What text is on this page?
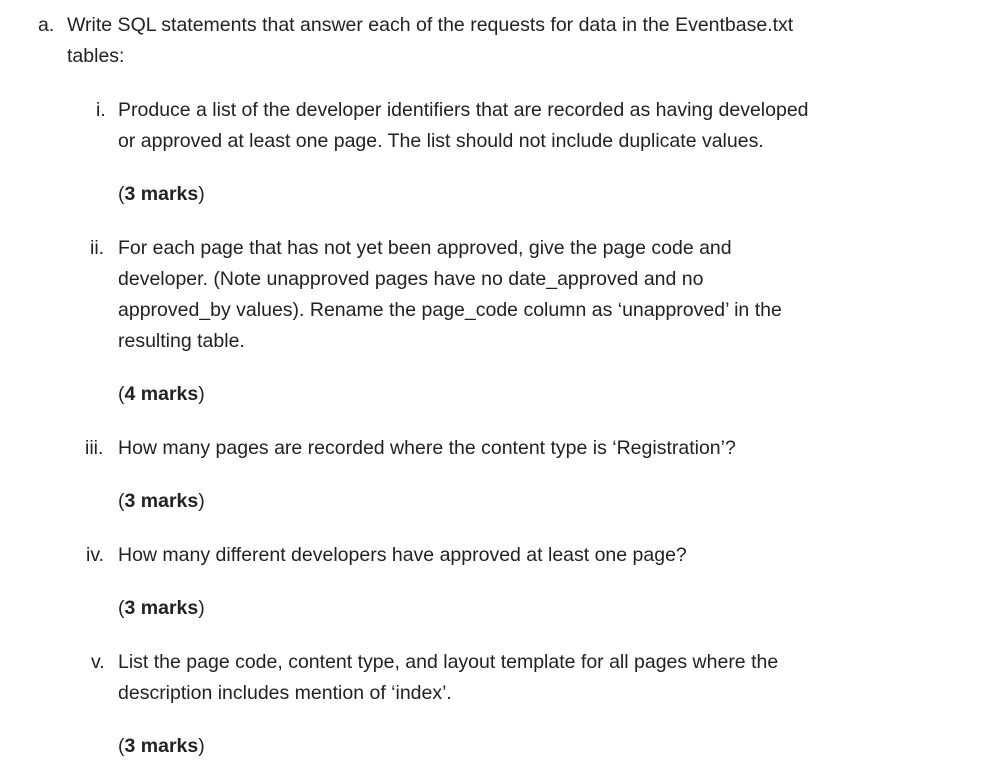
a. Write SQL statements that answer each of the requests for data in the Eventbase.txt
tables:
i. Produce a list of the developer identifiers that are recorded as having developed
or approved at least one page. The list should not include duplicate values.
(3 marks)
ii. For each page that has not yet been approved, give the page code and
developer. (Note unapproved pages have no date_approved and no
approved_by values). Rename the page_code column as ‘unapproved’ in the
resulting table.
(4 marks)
iii. How many pages are recorded where the content type is ‘Registration’?
(3 marks)
iv. How many different developers have approved at least one page?
(3 marks)
v. List the page code, content type, and layout template for all pages where the
description includes mention of ‘index’.
(3 marks)
